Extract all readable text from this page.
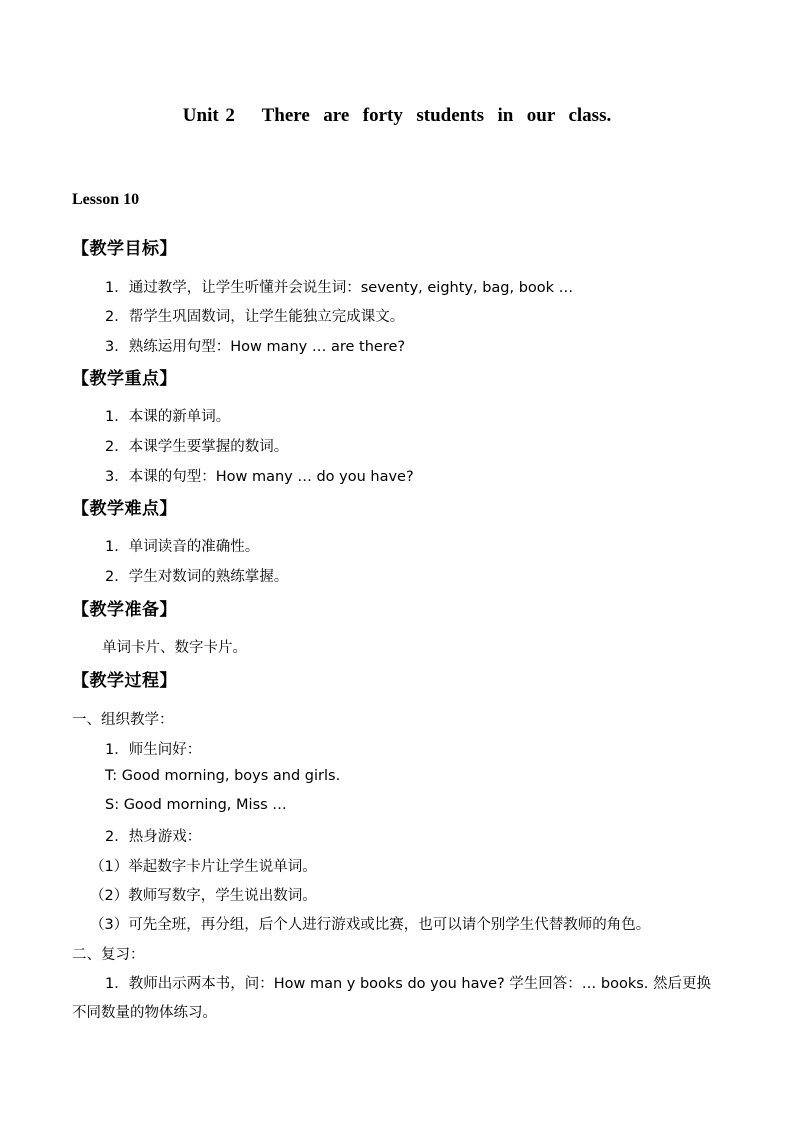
Unit 2    There  are  forty  students  in  our  class.
Lesson 10
【教学目标】
1．通过教学，让学生听懂并会说生词：seventy, eighty, bag, book …
2．帮学生巩固数词，让学生能独立完成课文。
3．熟练运用句型：How many … are there?
【教学重点】
1．本课的新单词。
2．本课学生要掌握的数词。
3．本课的句型：How many … do you have?
【教学难点】
1．单词读音的准确性。
2．学生对数词的熟练掌握。
【教学准备】
单词卡片、数字卡片。
【教学过程】
一、组织教学：
1．师生问好：
T: Good morning, boys and girls.
S: Good morning, Miss …
2．热身游戏：
（1）举起数字卡片让学生说单词。
（2）教师写数字，学生说出数词。
（3）可先全班，再分组，后个人进行游戏或比赛，也可以请个别学生代替教师的角色。
二、复习：
1．教师出示两本书，问：How man y books do you have? 学生回答：… books. 然后更换
不同数量的物体练习。
